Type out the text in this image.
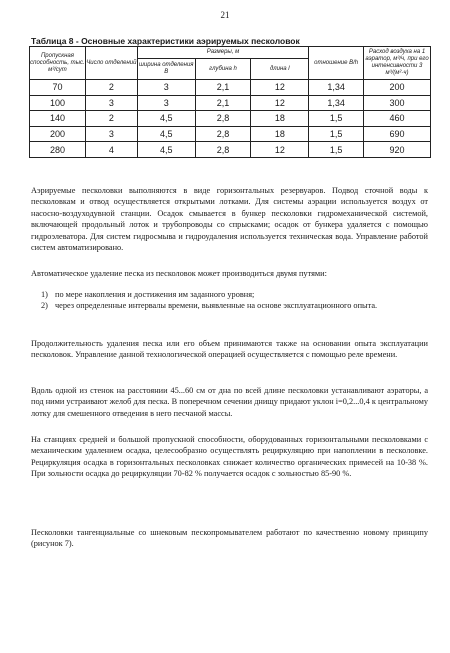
21
Таблица 8 - Основные характеристики аэрируемых песколовок
Пропускная способность, тыс. м³/сут	Число отделений	Размеры, м			отношение B/h	Расход воздуха на 1 аэратор, м³/ч, при его интенсивности 3 м³/(м²·ч)
		ширина отделения В	глубина h	длина l		
70	2	3	2,1	12	1,34	200
100	3	3	2,1	12	1,34	300
140	2	4,5	2,8	18	1,5	460
200	3	4,5	2,8	18	1,5	690
280	4	4,5	2,8	12	1,5	920

Аэрируемые песколовки выполняются в виде горизонтальных резервуаров. Подвод сточной воды к песколовкам и отвод осуществляется открытыми лотками. Для системы аэрации используется воздух от насосно-воздуходувной станции. Осадок смывается в бункер песколовки гидромеханической системой, включающей продольный лоток и трубопроводы со спрысками; осадок от бункера удаляется с помощью гидроэлеватора. Для систем гидросмыва и гидроудаления используется техническая вода. Управление работой систем автоматизировано.

Автоматическое удаление песка из песколовок может производиться двумя путями:

1) по мере накопления и достижения им заданного уровня;
2) через определенные интервалы времени, выявленные на основе эксплуатационного опыта.

Продолжительность удаления песка или его объем принимаются также на основании опыта эксплуатации песколовок. Управление данной технологической операцией осуществляется с помощью реле времени.

Вдоль одной из стенок на расстоянии 45...60 см от дна по всей длине песколовки устанавливают аэраторы, а под ними устраивают желоб для песка. В поперечном сечении днищу придают уклон i=0,2...0,4 к центральному лотку для смешенного отведения в него песчаной массы.

На станциях средней и большой пропускной способности, оборудованных горизонтальными песколовками с механическим удалением осадка, целесообразно осуществлять рециркуляцию при напоплении в песколовке. Рециркуляция осадка в горизонтальных песколовках снижает количество органических примесей на 10-38 %. При зольности осадка до рециркуляции 70-82 % получается осадок с зольностью 85-90 %.

Песколовки тангенциальные со шнековым пескопромывателем работают по качественно новому принципу (рисунок 7).
